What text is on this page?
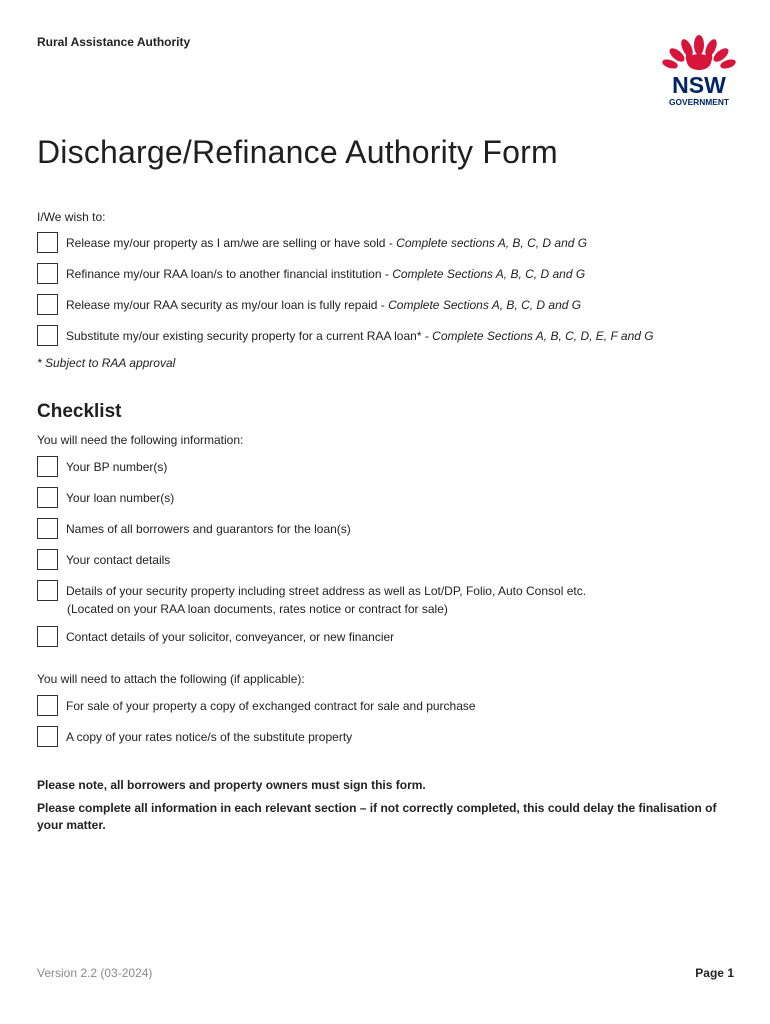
Rural Assistance Authority
NSW
GOVERNMENT
Discharge/Refinance Authority Form
I/We wish to:
Release my/our property as I am/we are selling or have sold - Complete sections A, B, C, D and G
Refinance my/our RAA loan/s to another financial institution - Complete Sections A, B, C, D and G
Release my/our RAA security as my/our loan is fully repaid - Complete Sections A, B, C, D and G
Substitute my/our existing security property for a current RAA loan* - Complete Sections A, B, C, D, E, F and G
* Subject to RAA approval
Checklist
You will need the following information:
Your BP number(s)
Your loan number(s)
Names of all borrowers and guarantors for the loan(s)
Your contact details
Details of your security property including street address as well as Lot/DP, Folio, Auto Consol etc.
(Located on your RAA loan documents, rates notice or contract for sale)
Contact details of your solicitor, conveyancer, or new financier
You will need to attach the following (if applicable):
For sale of your property a copy of exchanged contract for sale and purchase
A copy of your rates notice/s of the substitute property
Please note, all borrowers and property owners must sign this form.
Please complete all information in each relevant section – if not correctly completed, this could delay the finalisation of your matter.
Version 2.2 (03-2024)	Page 1
